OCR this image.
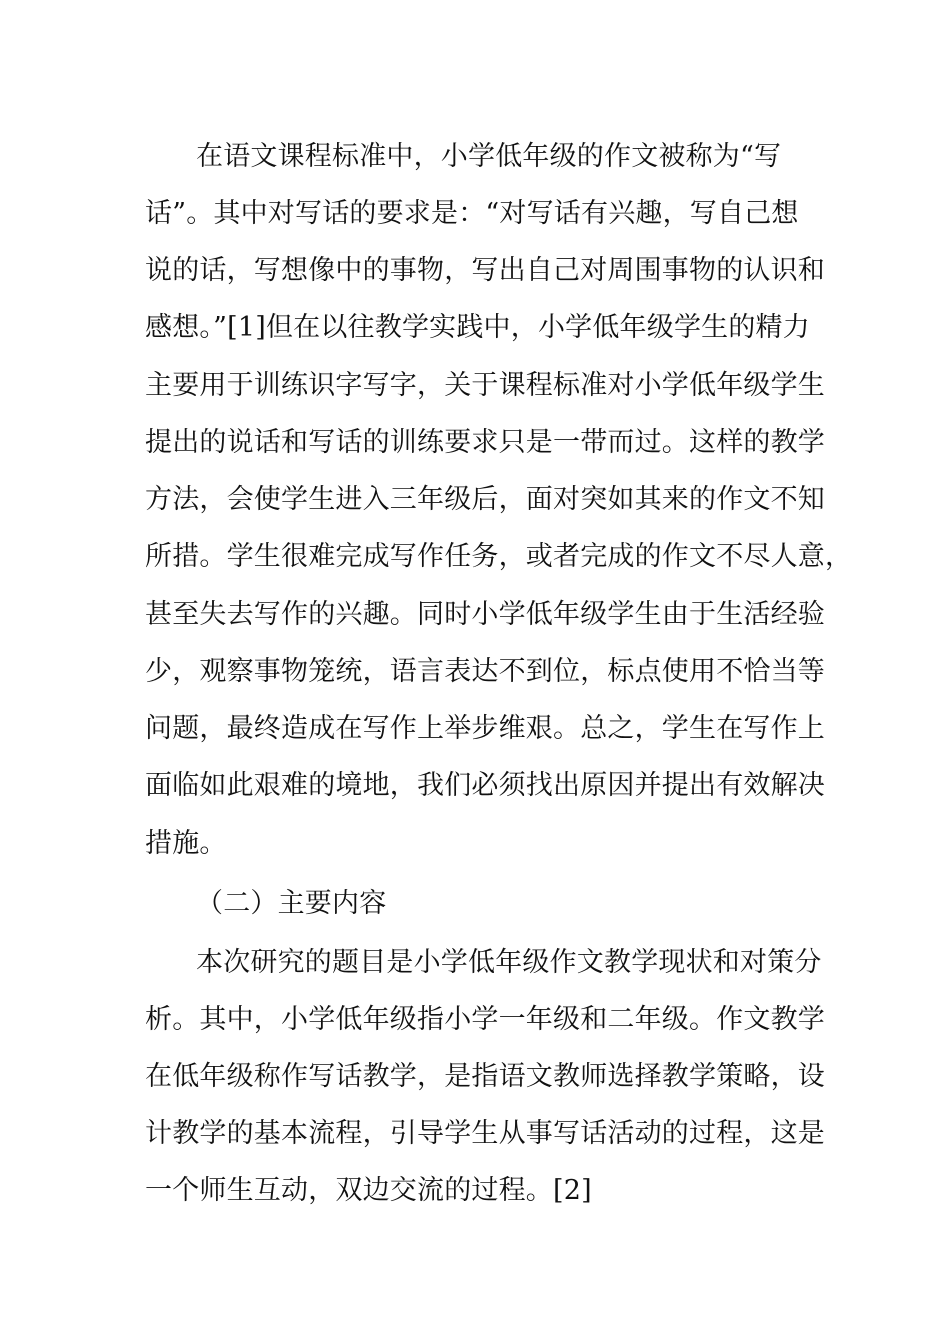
在语文课程标准中，小学低年级的作文被称为“写
话”。其中对写话的要求是：“对写话有兴趣，写自己想
说的话，写想像中的事物，写出自己对周围事物的认识和
感想。”[1]但在以往教学实践中，小学低年级学生的精力
主要用于训练识字写字，关于课程标准对小学低年级学生
提出的说话和写话的训练要求只是一带而过。这样的教学
方法，会使学生进入三年级后，面对突如其来的作文不知
所措。学生很难完成写作任务，或者完成的作文不尽人意，
甚至失去写作的兴趣。同时小学低年级学生由于生活经验
少，观察事物笼统，语言表达不到位，标点使用不恰当等
问题，最终造成在写作上举步维艰。总之，学生在写作上
面临如此艰难的境地，我们必须找出原因并提出有效解决
措施。
（二）主要内容
本次研究的题目是小学低年级作文教学现状和对策分
析。其中，小学低年级指小学一年级和二年级。作文教学
在低年级称作写话教学，是指语文教师选择教学策略，设
计教学的基本流程，引导学生从事写话活动的过程，这是
一个师生互动，双边交流的过程。[2]
